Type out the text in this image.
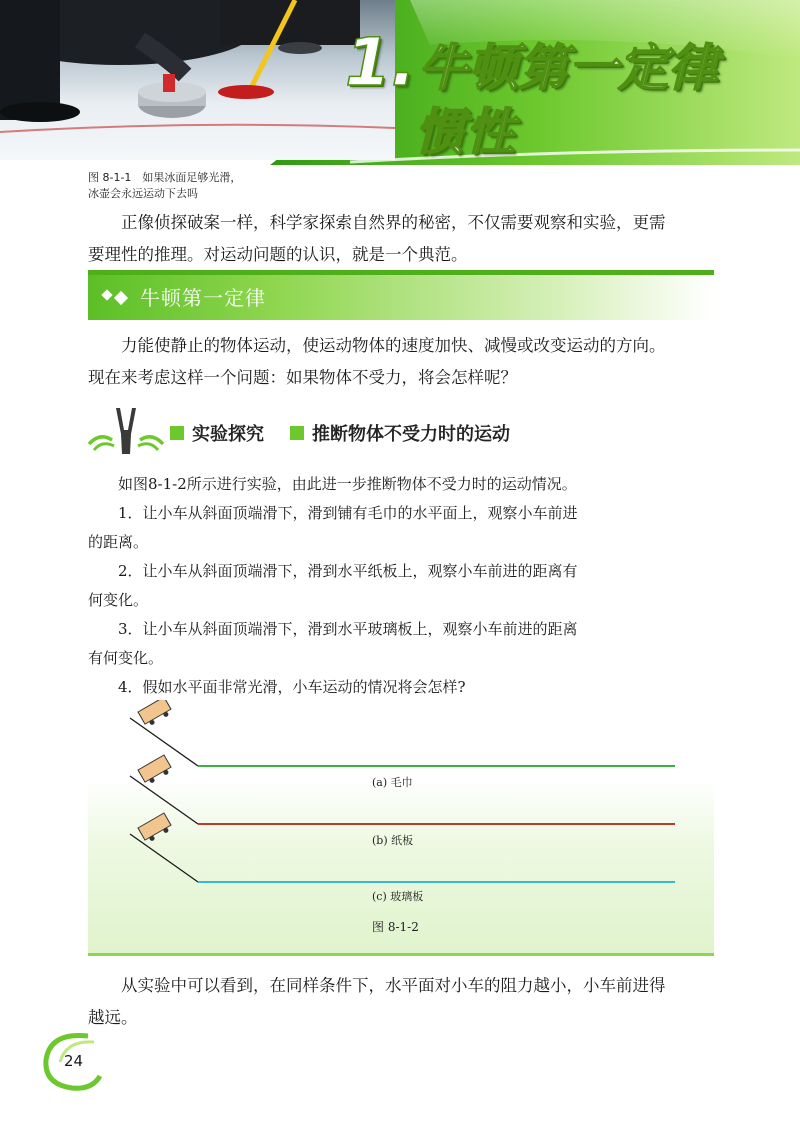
1. 牛顿第一定律
惯性
图 8-1-1　如果冰面足够光滑，
冰壶会永远运动下去吗
正像侦探破案一样，科学家探索自然界的秘密，不仅需要观察和实验，更需
要理性的推理。对运动问题的认识，就是一个典范。
牛顿第一定律
力能使静止的物体运动，使运动物体的速度加快、减慢或改变运动的方向。
现在来考虑这样一个问题：如果物体不受力，将会怎样呢？
实验探究	推断物体不受力时的运动
如图8-1-2所示进行实验，由此进一步推断物体不受力时的运动情况。
1．让小车从斜面顶端滑下，滑到铺有毛巾的水平面上，观察小车前进
的距离。
2．让小车从斜面顶端滑下，滑到水平纸板上，观察小车前进的距离有
何变化。
3．让小车从斜面顶端滑下，滑到水平玻璃板上，观察小车前进的距离
有何变化。
4．假如水平面非常光滑，小车运动的情况将会怎样?
(a) 毛巾
(b) 纸板
(c) 玻璃板
图 8-1-2
从实验中可以看到，在同样条件下，水平面对小车的阻力越小，小车前进得
越远。
24
